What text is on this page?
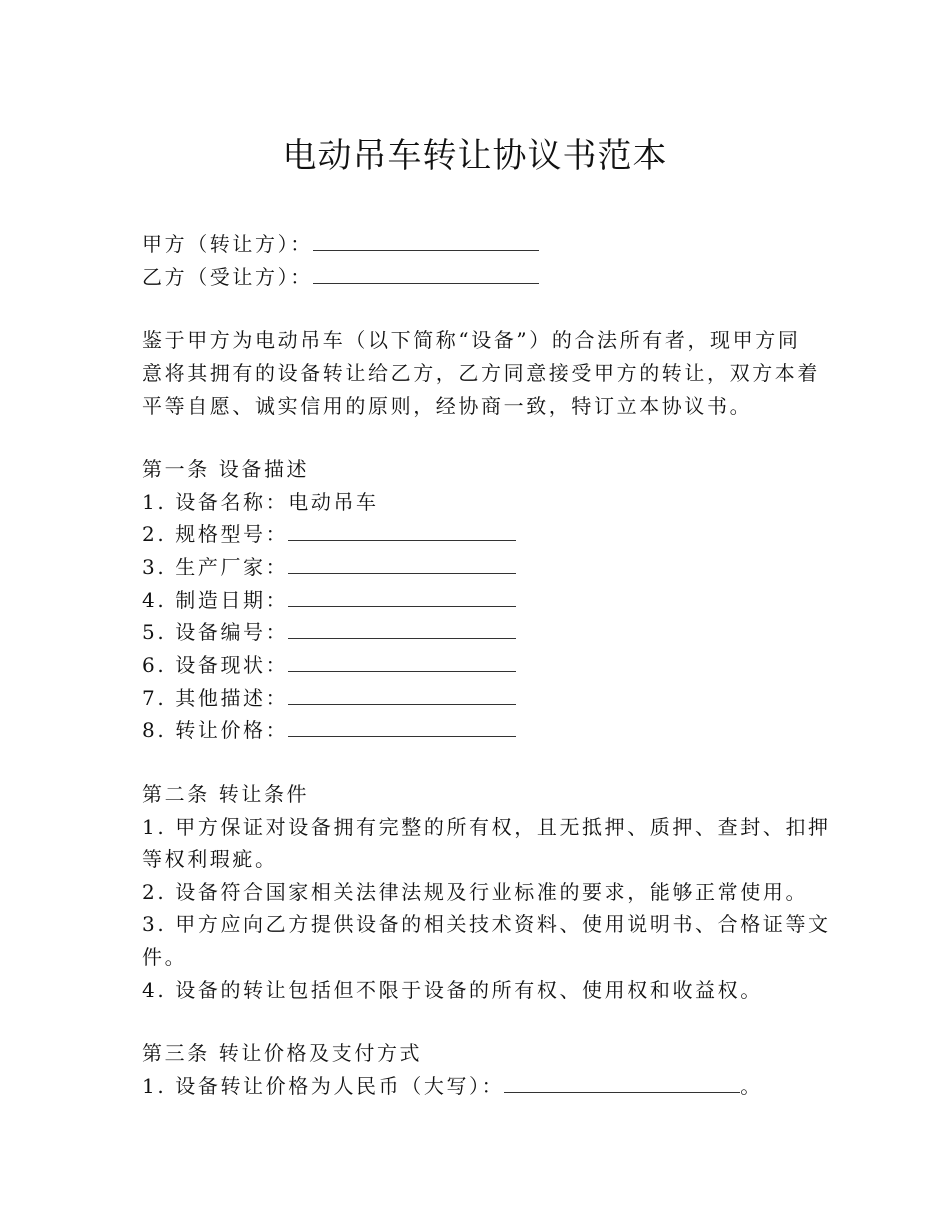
电动吊车转让协议书范本
甲方（转让方）：
乙方（受让方）：
鉴于甲方为电动吊车（以下简称“设备”）的合法所有者，现甲方同
意将其拥有的设备转让给乙方，乙方同意接受甲方的转让，双方本着
平等自愿、诚实信用的原则，经协商一致，特订立本协议书。
第一条 设备描述
1. 设备名称：电动吊车
2. 规格型号：
3. 生产厂家：
4. 制造日期：
5. 设备编号：
6. 设备现状：
7. 其他描述：
8. 转让价格：
第二条 转让条件
1. 甲方保证对设备拥有完整的所有权，且无抵押、质押、查封、扣押
等权利瑕疵。
2. 设备符合国家相关法律法规及行业标准的要求，能够正常使用。
3. 甲方应向乙方提供设备的相关技术资料、使用说明书、合格证等文
件。
4. 设备的转让包括但不限于设备的所有权、使用权和收益权。
第三条 转让价格及支付方式
1. 设备转让价格为人民币（大写）：	。
